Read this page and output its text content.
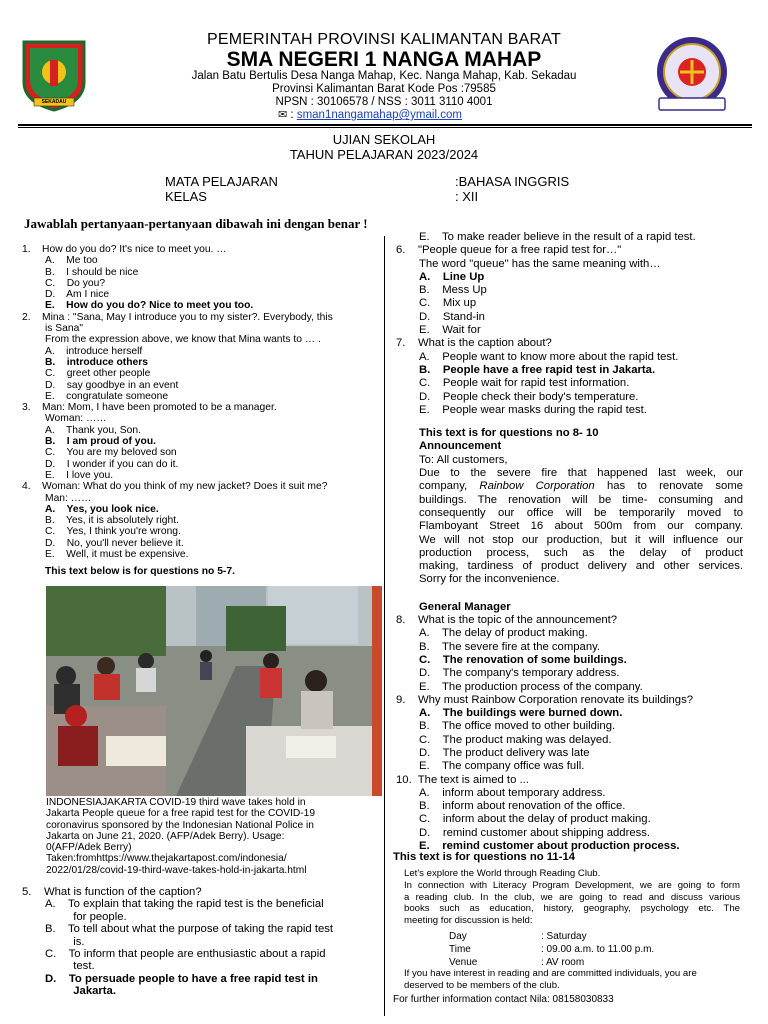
SEKADAU
PEMERINTAH PROVINSI KALIMANTAN BARAT
SMA NEGERI 1 NANGA MAHAP
Jalan Batu Bertulis Desa Nanga Mahap, Kec. Nanga Mahap, Kab. Sekadau
Provinsi Kalimantan Barat Kode Pos :79585
NPSN : 30106578 / NSS : 3011 3110 4001
✉ : sman1nangamahap@ymail.com
UJIAN SEKOLAH
TAHUN PELAJARAN 2023/2024
MATA PELAJARAN	:BAHASA INGGRIS
KELAS	: XII
Jawablah pertanyaan-pertanyaan dibawah ini dengan benar !
1.    How do you do? It's nice to meet you. …
A.    Me too
B.    I should be nice
C.    Do you?
D.    Am I nice
E.    How do you do? Nice to meet you too.
2.    Mina : "Sana, May I introduce you to my sister?. Everybody, this
is Sana"
From the expression above, we know that Mina wants to … .
A.    introduce herself
B.    introduce others
C.    greet other people
D.    say goodbye in an event
E.    congratulate someone
3.    Man: Mom, I have been promoted to be a manager.
Woman: ……
A.    Thank you, Son.
B.    I am proud of you.
C.    You are my beloved son
D.    I wonder if you can do it.
E.    I love you.
4.    Woman: What do you think of my new jacket? Does it suit me?
Man: ……
A.    Yes, you look nice.
B.    Yes, it is absolutely right.
C.    Yes, I think you're wrong.
D.    No, you'll never believe it.
E.    Well, it must be expensive.
This text below is for questions no 5-7.
INDONESIAJAKARTA COVID-19 third wave takes hold in
Jakarta People queue for a free rapid test for the COVID-19
coronavirus sponsored by the Indonesian National Police in
Jakarta on June 21, 2020. (AFP/Adek Berry). Usage:
0(AFP/Adek Berry)
Taken:fromhttps://www.thejakartapost.com/indonesia/
2022/01/28/covid-19-third-wave-takes-hold-in-jakarta.html
5.    What is function of the caption?
A.    To explain that taking the rapid test is the beneficial
for people.
B.    To tell about what the purpose of taking the rapid test
is.
C.    To inform that people are enthusiastic about a rapid
test.
D.    To persuade people to have a free rapid test in
Jakarta.
E.    To make reader believe in the result of a rapid test.
6.    "People queue for a free rapid test for…"
The word "queue" has the same meaning with…
A.    Line Up
B.    Mess Up
C.    Mix up
D.    Stand-in
E.    Wait for
7.    What is the caption about?
A.    People want to know more about the rapid test.
B.    People have a free rapid test in Jakarta.
C.    People wait for rapid test information.
D.    People check their body's temperature.
E.    People wear masks during the rapid test.
This text is for questions no 8- 10
Announcement
To: All customers,
Due to the severe fire that happened last week, our
company, Rainbow Corporation has to renovate some
buildings. The renovation will be time- consuming and
consequently our office will be temporarily moved to
Flamboyant Street 16 about 500m from our company.
We will not stop our production, but it will influence our
production process, such as the delay of product
making, tardiness of product delivery and other services.
Sorry for the inconvenience.
General Manager
8.    What is the topic of the announcement?
A.    The delay of product making.
B.    The severe fire at the company.
C.    The renovation of some buildings.
D.    The company's temporary address.
E.    The production process of the company.
9.    Why must Rainbow Corporation renovate its buildings?
A.    The buildings were burned down.
B.    The office moved to other building.
C.    The product making was delayed.
D.    The product delivery was late
E.    The company office was full.
10.  The text is aimed to ...
A.    inform about temporary address.
B.    inform about renovation of the office.
C.    inform about the delay of product making.
D.    remind customer about shipping address.
E.    remind customer about production process.
This text is for questions no 11-14
Let's explore the World through Reading Club.
In connection with Literacy Program Development, we are going to form
a reading club. In the club, we are going to read and discuss various
books such as education, history, geography, psychology etc. The
meeting for discussion is held:
Day	: Saturday
Time	: 09.00 a.m. to 11.00 p.m.
Venue	: AV room
If you have interest in reading and are committed individuals, you are
deserved to be members of the club.
For further information contact Nila: 08158030833
